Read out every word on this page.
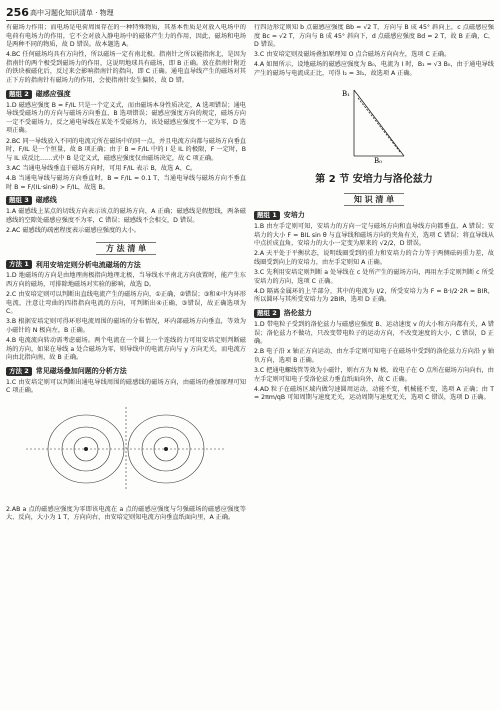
256 高中习题化知识清单 · 物理
有磁场力作用；而电场是电荷周围存在的一种特殊物质，其基本性质是对放入电场中的电荷有电场力的作用，它不会对放入静电场中的磁体产生力的作用，因此，磁场和电场是两种不同的物质，故 D 错误。故本题选 A。
4.BC 任何磁场均具有方向性，所以磁场一定有南北极。指南针之所以能指南北，是因为指南针的两个极受到磁场力的作用，这说明地球具有磁场，即 B 正确。放在指南针附近的铁块被磁化后，反过来会影响指南针的指向，即 C 正确。通电直导线产生的磁场对其正下方的指南针有磁场力的作用，会使指南针发生偏转，故 D 错。
题组 2	磁感应强度
1.D 磁感应强度 B = F/IL 只是一个定义式，而由磁场本身性质决定，A 选项错误；通电导线受磁场力的方向与磁场方向垂直，B 选项错误；磁感应强度方向的规定，磁场方向一定不受磁场力，反之通电导线在某处不受磁场力，该处磁感应强度不一定为零，D 选项正确。
2.BC 同一导线放入不同的电流元所在磁场中的同一点，并且电流方向都与磁场方向垂直时，F/IL 是一个恒量，故 B 项正确；由于 B = F/IL 中的 I 是 IL 的极限，F 一定时，B 与 IL 成反比……式中 B 是定义式，磁感应强度仅由磁场决定，故 C 项正确。
3.AC 当通电导线垂直于磁场方向时，可用 F/IL 表示 B，故选 A、C。
4.B 当通电导线与磁场方向垂直时，B = F/IL = 0.1 T，当通电导线与磁场方向不垂直时 B = F/(IL·sinθ) > F/IL，故选 B。
题组 3	磁感线
1.A 磁感线上某点的切线方向表示该点的磁场方向，A 正确；磁感线是假想线，两条磁感线的空隙处磁感应强度不为零，C 错误；磁感线不会相交，D 错误。
2.AC 磁感线的疏密程度表示磁感应强度的大小。
方 法 清 单
方法 1	利用安培定则分析电流磁场的方法
1.D 地磁场的方向是由地理南极指向地理北极，当导线水平南北方向放置时，能产生东西方向的磁场，可排除地磁场对实验的影响，故选 D。
2.C 由安培定则可以判断出直线电流产生的磁场方向，①正确，②错误；③和④中为环形电流，注意让弯曲的四指指向电流的方向，可判断出④正确，③错误，故正确选项为 C。
3.B 根据安培定则可得环形电流周围的磁场的分布情况，环内部磁场方向垂直，等效为小磁针的 N 极向左，B 正确。
4.B 电流流向转动需考虑磁场。两个电流在一个圆上一个连线的力可用安培定则判断磁场的方向，如果在导线 a 处合磁场为零，则导线中的电流方向与 y 方向无关，而电流方向由北指向南，故 B 正确。
方法 2	常见磁场叠加问题的分析方法
1.C 由安培定则可以判断出通电导线周围的磁感线的磁场方向，由磁场的叠加原理可知 C 项正确。
2.AB a 点的磁感应强度为零即该电流在 a 点的磁感应强度与匀强磁场的磁感应强度等大、反向，大小为 1 T，方向向右，由安培定则知电流方向垂直纸面向里，A 正确。
行四边形定则知 b 点磁感应强度 Bb = √2 T，方向与 B 成 45° 斜向上，c 点磁感应强度 Bc = √2 T，方向与 B 成 45° 斜向下，d 点磁感应强度 Bd = 2 T，故 B 正确，C、D 错误。
3.C 由安培定则及磁场叠加原理知 O 点合磁场方向向左，选项 C 正确。
4.A 如图所示，设地磁场的磁感应强度为 B₀，电流为 I 时，B₁ = √3 B₀，由于通电导线产生的磁场与电流成正比，可得 I₂ = 3I₁，故选项 A 正确。
B₁
B₀
第 2 节 安培力与洛伦兹力
知 识 清 单
题组 1	安培力
1.B 由左手定则可知，安培力的方向一定与磁场方向和直导线方向都垂直，A 错误；安培力的大小 F = BIL sin θ 与直导线和磁场方向的夹角有关，选项 C 错误；将直导线从中点折成直角，安培力的大小一定变为原来的 √2/2，D 错误。
2.A 天平处于平衡状态，说明线圈受到的重力和安培力的合力等于两侧砝码重力差，故线圈受到向上的安培力，由左手定则知 A 正确。
3.C 先利用安培定则判断 a 处导线在 c 处所产生的磁场方向，再用左手定则判断 c 所受安培力的方向，选项 C 正确。
4.D 隔离金属环的上半部分，其中的电流为 I/2，所受安培力为 F = B·I/2·2R = BIR，所以圆环与其所受安培力为 2BIR，选项 D 正确。
题组 2	洛伦兹力
1.D 带电粒子受到的洛伦兹力与磁感应强度 B、运动速度 v 的大小和方向都有关，A 错误；洛伦兹力不做功，只改变带电粒子的运动方向，不改变速度的大小，C 错误，D 正确。
2.B 电子沿 x 轴正方向运动，由左手定则可知电子在磁场中受到的洛伦兹力方向沿 y 轴负方向，选项 B 正确。
3.C 把通电螺线管等效为小磁针，则右方为 N 极，故电子在 O 点所在磁场方向向右，由左手定则可知电子受洛伦兹力垂直纸面向外，故 C 正确。
4.AD 粒子在磁场区域内做匀速圆周运动，动能不变，机械能不变，选项 A 正确；由 T = 2πm/qB 可知周期与速度无关，运动周期与速度无关，选项 C 错误，选项 D 正确。
